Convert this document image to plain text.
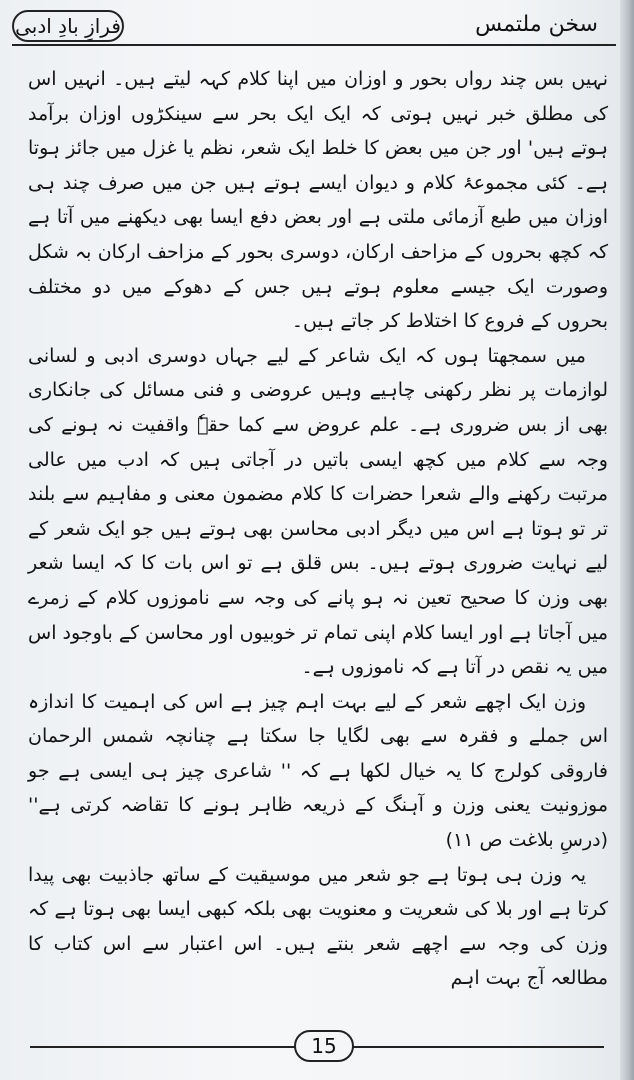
فرازِ بادِ ادبی	سخن ملتمس

نہیں بس چند رواں بحور و اوزان میں اپنا کلام کہہ لیتے ہیں۔ انہیں اس کی مطلق خبر نہیں ہوتی کہ ایک ایک بحر سے سینکڑوں اوزان برآمد ہوتے ہیں' اور جن میں بعض کا خلط ایک شعر، نظم یا غزل میں جائز ہوتا ہے۔ کئی مجموعۂ کلام و دیوان ایسے ہوتے ہیں جن میں صرف چند ہی اوزان میں طبع آزمائی ملتی ہے اور بعض دفع ایسا بھی دیکھنے میں آتا ہے کہ کچھ بحروں کے مزاحف ارکان، دوسری بحور کے مزاحف ارکان بہ شکل وصورت ایک جیسے معلوم ہوتے ہیں جس کے دھوکے میں دو مختلف بحروں کے فروع کا اختلاط کر جاتے ہیں۔

میں سمجھتا ہوں کہ ایک شاعر کے لیے جہاں دوسری ادبی و لسانی لوازمات پر نظر رکھنی چاہیے وہیں عروضی و فنی مسائل کی جانکاری بھی از بس ضروری ہے۔ علم عروض سے کما حقہٗ واقفیت نہ ہونے کی وجہ سے کلام میں کچھ ایسی باتیں در آجاتی ہیں کہ ادب میں عالی مرتبت رکھنے والے شعرا حضرات کا کلام مضمون معنی و مفاہیم سے بلند تر تو ہوتا ہے اس میں دیگر ادبی محاسن بھی ہوتے ہیں جو ایک شعر کے لیے نہایت ضروری ہوتے ہیں۔ بس قلق ہے تو اس بات کا کہ ایسا شعر بھی وزن کا صحیح تعین نہ ہو پانے کی وجہ سے ناموزوں کلام کے زمرے میں آجاتا ہے اور ایسا کلام اپنی تمام تر خوبیوں اور محاسن کے باوجود اس میں یہ نقص در آتا ہے کہ ناموزوں ہے۔

وزن ایک اچھے شعر کے لیے بہت اہم چیز ہے اس کی اہمیت کا اندازہ اس جملے و فقرہ سے بھی لگایا جا سکتا ہے چنانچہ شمس الرحمان فاروقی کولرج کا یہ خیال لکھا ہے کہ '' شاعری چیز ہی ایسی ہے جو موزونیت یعنی وزن و آہنگ کے ذریعہ ظاہر ہونے کا تقاضہ کرتی ہے'' (درسِ بلاغت ص ۱۱)

یہ وزن ہی ہوتا ہے جو شعر میں موسیقیت کے ساتھ جاذبیت بھی پیدا کرتا ہے اور بلا کی شعریت و معنویت بھی بلکہ کبھی ایسا بھی ہوتا ہے کہ وزن کی وجہ سے اچھے شعر بنتے ہیں۔ اس اعتبار سے اس کتاب کا مطالعہ آج بہت اہم

15
